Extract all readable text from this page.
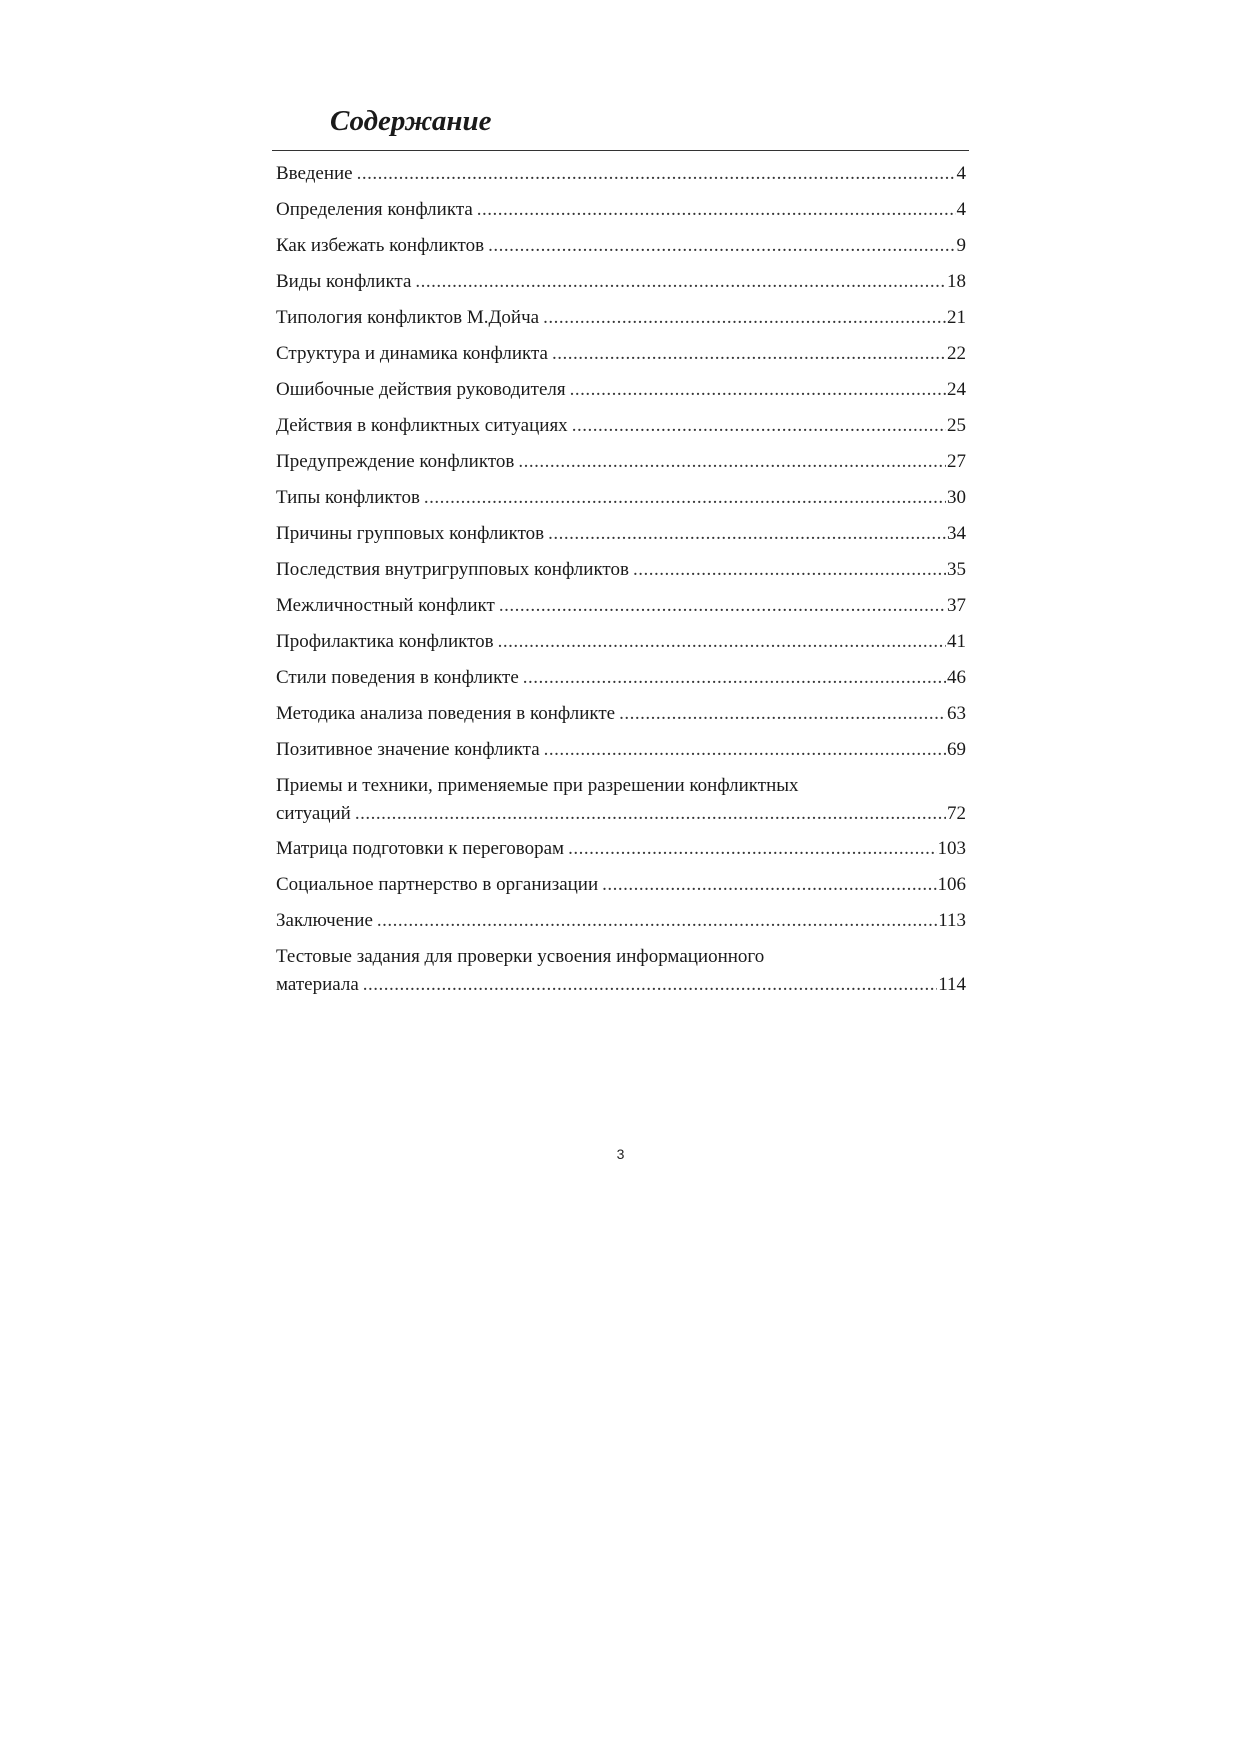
Содержание
Введение .....	4
Определения конфликта .....	4
Как избежать конфликтов .....	9
Виды конфликта .....	18
Типология конфликтов М.Дойча .....	21
Структура и динамика конфликта .....	22
Ошибочные действия руководителя .....	24
Действия в конфликтных ситуациях .....	25
Предупреждение конфликтов .....	27
Типы конфликтов .....	30
Причины групповых конфликтов .....	34
Последствия внутригрупповых конфликтов .....	35
Межличностный конфликт .....	37
Профилактика конфликтов .....	41
Стили поведения в конфликте .....	46
Методика анализа поведения в конфликте .....	63
Позитивное значение конфликта .....	69
Приемы и техники, применяемые при разрешении конфликтных
ситуаций .....	72
Матрица подготовки к переговорам .....	103
Социальное партнерство в организации .....	106
Заключение .....	113
Тестовые задания для проверки усвоения информационного
материала .....	114
3
